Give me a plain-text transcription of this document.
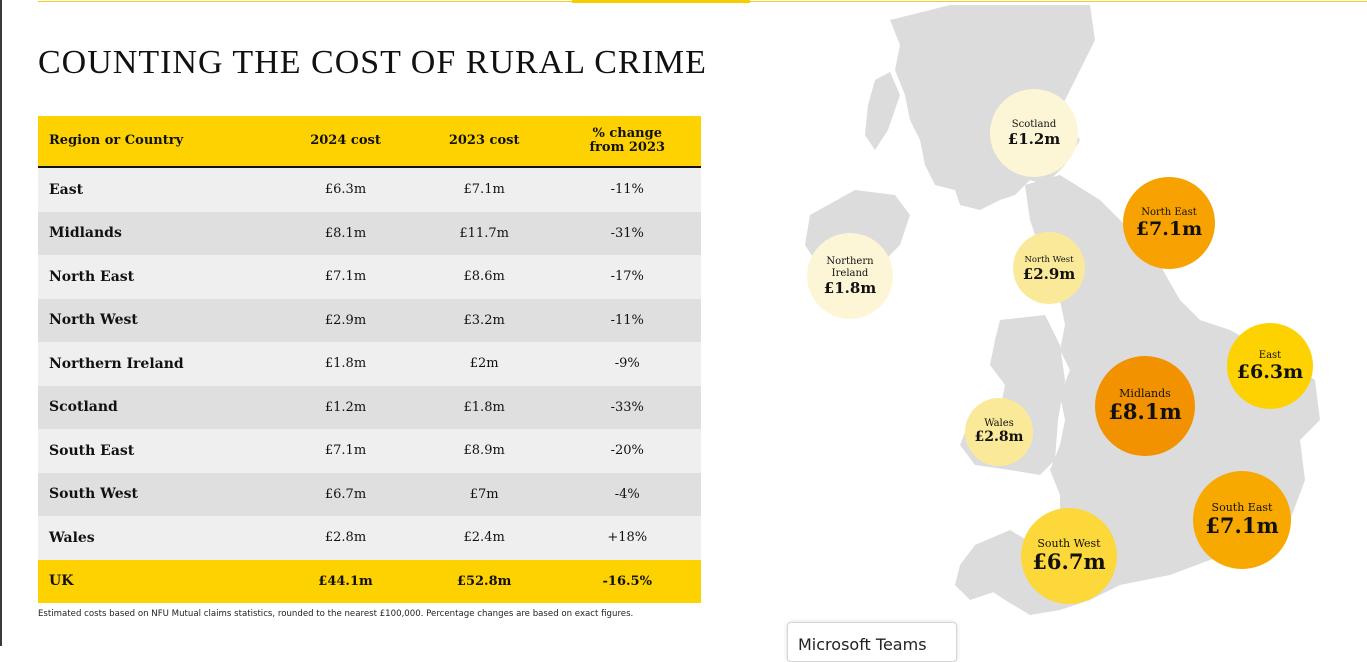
COUNTING THE COST OF RURAL CRIME
Region or Country	2024 cost	2023 cost	% change
from 2023
East	£6.3m	£7.1m	-11%
Midlands	£8.1m	£11.7m	-31%
North East	£7.1m	£8.6m	-17%
North West	£2.9m	£3.2m	-11%
Northern Ireland	£1.8m	£2m	-9%
Scotland	£1.2m	£1.8m	-33%
South East	£7.1m	£8.9m	-20%
South West	£6.7m	£7m	-4%
Wales	£2.8m	£2.4m	+18%
UK	£44.1m	£52.8m	-16.5%
Estimated costs based on NFU Mutual claims statistics, rounded to the nearest £100,000. Percentage changes are based on exact figures.
Scotland
£1.2m
Northern
Ireland
£1.8m
North West
£2.9m
North East
£7.1m
Wales
£2.8m
Midlands
£8.1m
East
£6.3m
South West
£6.7m
South East
£7.1m
Microsoft Teams
